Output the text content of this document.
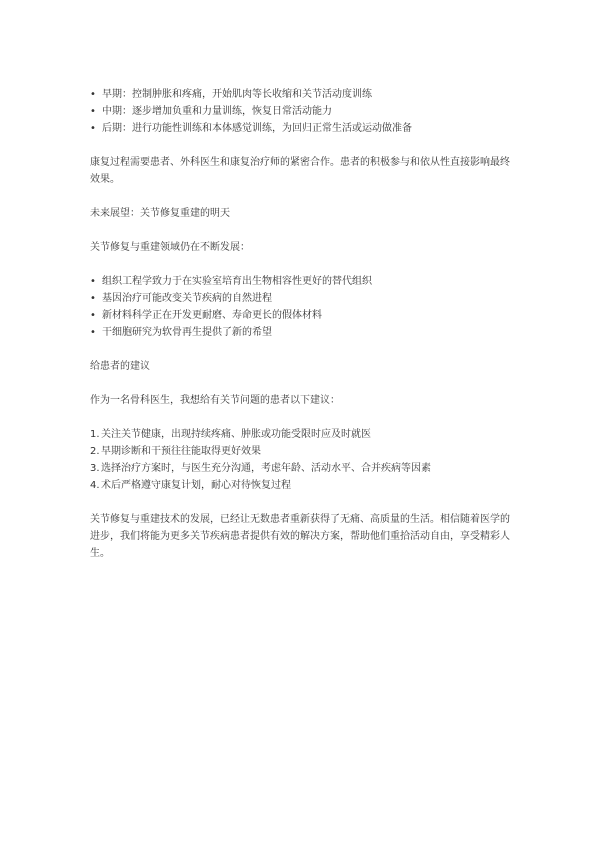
• 早期：控制肿胀和疼痛，开始肌肉等长收缩和关节活动度训练
• 中期：逐步增加负重和力量训练，恢复日常活动能力
• 后期：进行功能性训练和本体感觉训练，为回归正常生活或运动做准备

康复过程需要患者、外科医生和康复治疗师的紧密合作。患者的积极参与和依从性直接影响最终效果。

未来展望：关节修复重建的明天

关节修复与重建领域仍在不断发展：

• 组织工程学致力于在实验室培育出生物相容性更好的替代组织
• 基因治疗可能改变关节疾病的自然进程
• 新材料科学正在开发更耐磨、寿命更长的假体材料
• 干细胞研究为软骨再生提供了新的希望

给患者的建议

作为一名骨科医生，我想给有关节问题的患者以下建议：

1. 关注关节健康，出现持续疼痛、肿胀或功能受限时应及时就医
2. 早期诊断和干预往往能取得更好效果
3. 选择治疗方案时，与医生充分沟通，考虑年龄、活动水平、合并疾病等因素
4. 术后严格遵守康复计划，耐心对待恢复过程

关节修复与重建技术的发展，已经让无数患者重新获得了无痛、高质量的生活。相信随着医学的进步，我们将能为更多关节疾病患者提供有效的解决方案，帮助他们重拾活动自由，享受精彩人生。
